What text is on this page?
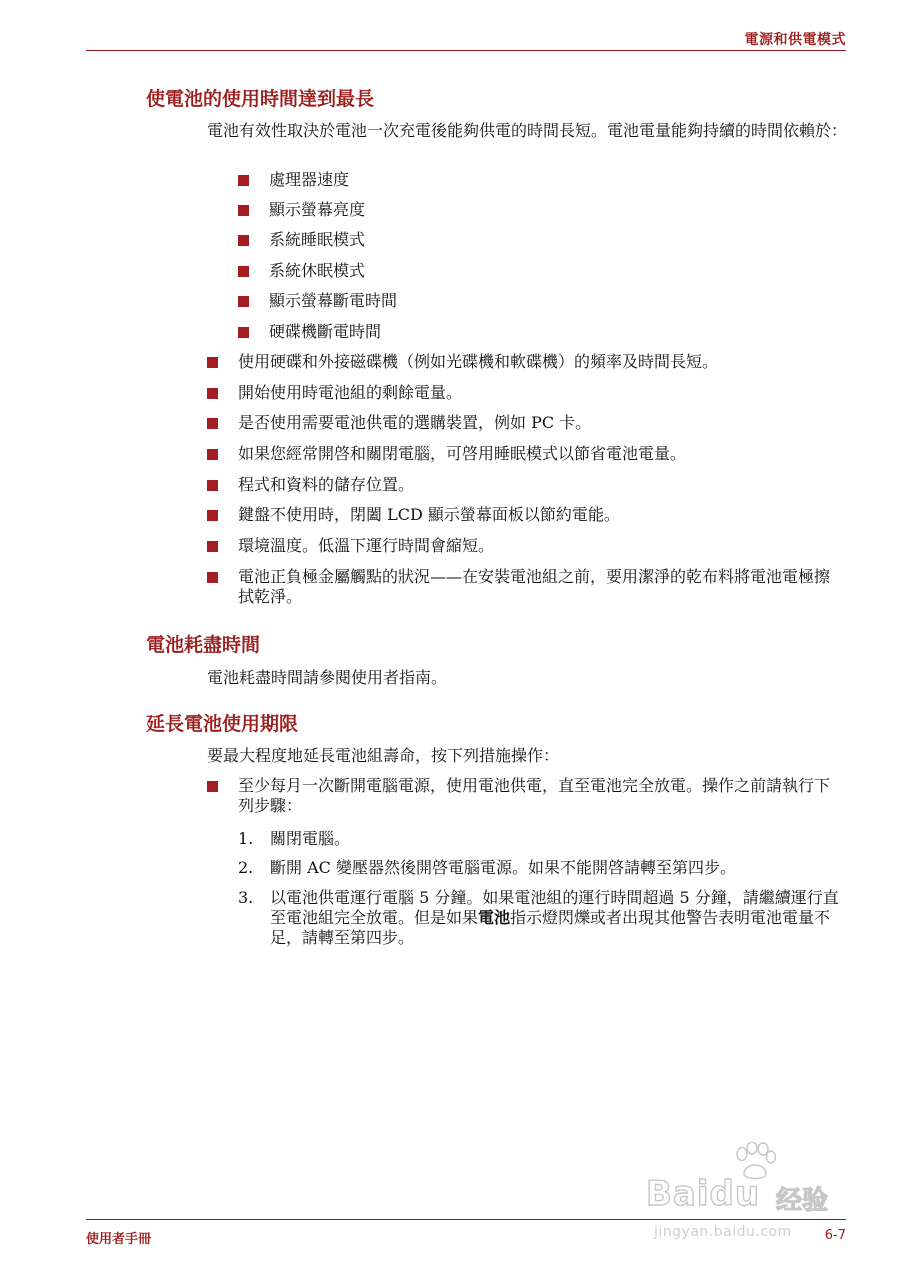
電源和供電模式
使電池的使用時間達到最長
電池有效性取決於電池一次充電後能夠供電的時間長短。電池電量能夠持續的時間依賴於：
處理器速度
顯示螢幕亮度
系統睡眠模式
系統休眠模式
顯示螢幕斷電時間
硬碟機斷電時間
使用硬碟和外接磁碟機（例如光碟機和軟碟機）的頻率及時間長短。
開始使用時電池組的剩餘電量。
是否使用需要電池供電的選購裝置，例如 PC 卡。
如果您經常開啓和關閉電腦，可啓用睡眠模式以節省電池電量。
程式和資料的儲存位置。
鍵盤不使用時，閉闔 LCD 顯示螢幕面板以節約電能。
環境溫度。低溫下運行時間會縮短。
電池正負極金屬觸點的狀況——在安裝電池組之前，要用潔淨的乾布料將電池電極擦拭乾淨。
電池耗盡時間
電池耗盡時間請參閱使用者指南。
延長電池使用期限
要最大程度地延長電池組壽命，按下列措施操作：
至少每月一次斷開電腦電源，使用電池供電，直至電池完全放電。操作之前請執行下列步驟：
1. 關閉電腦。
2. 斷開 AC 變壓器然後開啓電腦電源。如果不能開啓請轉至第四步。
3. 以電池供電運行電腦 5 分鐘。如果電池組的運行時間超過 5 分鐘，請繼續運行直至電池組完全放電。但是如果電池指示燈閃爍或者出現其他警告表明電池電量不足，請轉至第四步。
Baidu 经验
jingyan.baidu.com
使用者手冊	6-7
